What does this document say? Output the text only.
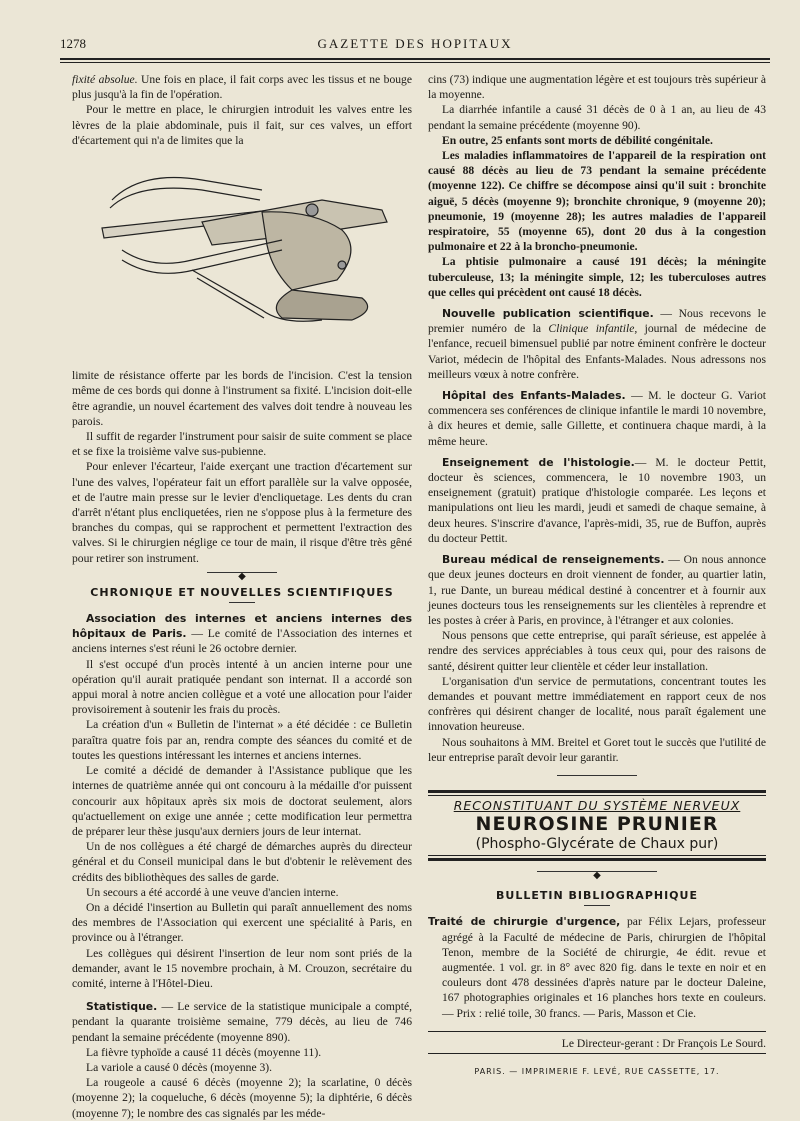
1278	GAZETTE DES HOPITAUX

fixité absolue. Une fois en place, il fait corps avec les tissus et ne bouge plus jusqu'à la fin de l'opération.

Pour le mettre en place, le chirurgien introduit les valves entre les lèvres de la plaie abdominale, puis il fait, sur ces valves, un effort d'écartement qui n'a de limites que la

limite de résistance offerte par les bords de l'incision. C'est la tension même de ces bords qui donne à l'instrument sa fixité. L'incision doit-elle être agrandie, un nouvel écartement des valves doit tendre à nouveau les parois.

Il suffit de regarder l'instrument pour saisir de suite comment se place et se fixe la troisième valve sus-pubienne.

Pour enlever l'écarteur, l'aide exerçant une traction d'écartement sur l'une des valves, l'opérateur fait un effort parallèle sur la valve opposée, et de l'autre main presse sur le levier d'encliquetage. Les dents du cran d'arrêt n'étant plus encliquetées, rien ne s'oppose plus à la fermeture des branches du compas, qui se rapprochent et permettent l'extraction des valves. Si le chirurgien néglige ce tour de main, il risque d'être très gêné pour retirer son instrument.

◆
CHRONIQUE ET NOUVELLES SCIENTIFIQUES

Association des internes et anciens internes des hôpitaux de Paris. — Le comité de l'Association des internes et anciens internes s'est réuni le 26 octobre dernier.

Il s'est occupé d'un procès intenté à un ancien interne pour une opération qu'il aurait pratiquée pendant son internat. Il a accordé son appui moral à notre ancien collègue et a voté une allocation pour l'aider provisoirement à soutenir les frais du procès.

La création d'un « Bulletin de l'internat » a été décidée : ce Bulletin paraîtra quatre fois par an, rendra compte des séances du comité et de toutes les questions intéressant les internes et anciens internes.

Le comité a décidé de demander à l'Assistance publique que les internes de quatrième année qui ont concouru à la médaille d'or puissent concourir aux hôpitaux après six mois de doctorat seulement, alors qu'actuellement on exige une année ; cette modification leur permettra de préparer leur thèse jusqu'aux derniers jours de leur internat.

Un de nos collègues a été chargé de démarches auprès du directeur général et du Conseil municipal dans le but d'obtenir le relèvement des crédits des bibliothèques des salles de garde.

Un secours a été accordé à une veuve d'ancien interne.

On a décidé l'insertion au Bulletin qui paraît annuellement des noms des membres de l'Association qui exercent une spécialité à Paris, en province ou à l'étranger.

Les collègues qui désirent l'insertion de leur nom sont priés de la demander, avant le 15 novembre prochain, à M. Crouzon, secrétaire du comité, interne à l'Hôtel-Dieu.

Statistique. — Le service de la statistique municipale a compté, pendant la quarante troisième semaine, 779 décès, au lieu de 746 pendant la semaine précédente (moyenne 890).

La fièvre typhoïde a causé 11 décès (moyenne 11).

La variole a causé 0 décès (moyenne 3).

La rougeole a causé 6 décès (moyenne 2); la scarlatine, 0 décès (moyenne 2); la coqueluche, 6 décès (moyenne 5); la diphtérie, 6 décès (moyenne 7); le nombre des cas signalés par les méde-

cins (73) indique une augmentation légère et est toujours très supérieur à la moyenne.

La diarrhée infantile a causé 31 décès de 0 à 1 an, au lieu de 43 pendant la semaine précédente (moyenne 90).

En outre, 25 enfants sont morts de débilité congénitale.

Les maladies inflammatoires de l'appareil de la respiration ont causé 88 décès au lieu de 73 pendant la semaine précédente (moyenne 122). Ce chiffre se décompose ainsi qu'il suit : bronchite aiguë, 5 décès (moyenne 9); bronchite chronique, 9 (moyenne 20); pneumonie, 19 (moyenne 28); les autres maladies de l'appareil respiratoire, 55 (moyenne 65), dont 20 dus à la congestion pulmonaire et 22 à la broncho-pneumonie.

La phtisie pulmonaire a causé 191 décès; la méningite tuberculeuse, 13; la méningite simple, 12; les tuberculoses autres que celles qui précèdent ont causé 18 décès.

Nouvelle publication scientifique. — Nous recevons le premier numéro de la Clinique infantile, journal de médecine de l'enfance, recueil bimensuel publié par notre éminent confrère le docteur Variot, médecin de l'hôpital des Enfants-Malades. Nous adressons nos meilleurs vœux à notre confrère.

Hôpital des Enfants-Malades. — M. le docteur G. Variot commencera ses conférences de clinique infantile le mardi 10 novembre, à dix heures et demie, salle Gillette, et continuera chaque mardi, à la même heure.

Enseignement de l'histologie.— M. le docteur Pettit, docteur ès sciences, commencera, le 10 novembre 1903, un enseignement (gratuit) pratique d'histologie comparée. Les leçons et manipulations ont lieu les mardi, jeudi et samedi de chaque semaine, à deux heures. S'inscrire d'avance, l'après-midi, 35, rue de Buffon, auprès du docteur Pettit.

Bureau médical de renseignements. — On nous annonce que deux jeunes docteurs en droit viennent de fonder, au quartier latin, 1, rue Dante, un bureau médical destiné à concentrer et à fournir aux jeunes docteurs tous les renseignements sur les clientèles à reprendre et les postes à créer à Paris, en province, à l'étranger et aux colonies.

Nous pensons que cette entreprise, qui paraît sérieuse, est appelée à rendre des services appréciables à tous ceux qui, pour des raisons de santé, désirent quitter leur clientèle et céder leur installation.

L'organisation d'un service de permutations, concentrant toutes les demandes et pouvant mettre immédiatement en rapport ceux de nos confrères qui désirent changer de localité, nous paraît également une innovation heureuse.

Nous souhaitons à MM. Breitel et Goret tout le succès que l'utilité de leur entreprise paraît devoir leur garantir.

RECONSTITUANT DU SYSTÈME NERVEUX
NEUROSINE PRUNIER
(Phospho-Glycérate de Chaux pur)
◆
BULLETIN BIBLIOGRAPHIQUE

Traité de chirurgie d'urgence, par Félix Lejars, professeur agrégé à la Faculté de médecine de Paris, chirurgien de l'hôpital Tenon, membre de la Société de chirurgie, 4e édit. revue et augmentée. 1 vol. gr. in 8° avec 820 fig. dans le texte en noir et en couleurs dont 478 dessinées d'après nature par le docteur Daleine, 167 photographies originales et 16 planches hors texte en couleurs. — Prix : relié toile, 30 francs. — Paris, Masson et Cie.

Le Directeur-gerant : Dr François Le Sourd.
PARIS. — IMPRIMERIE F. LEVÉ, RUE CASSETTE, 17.
